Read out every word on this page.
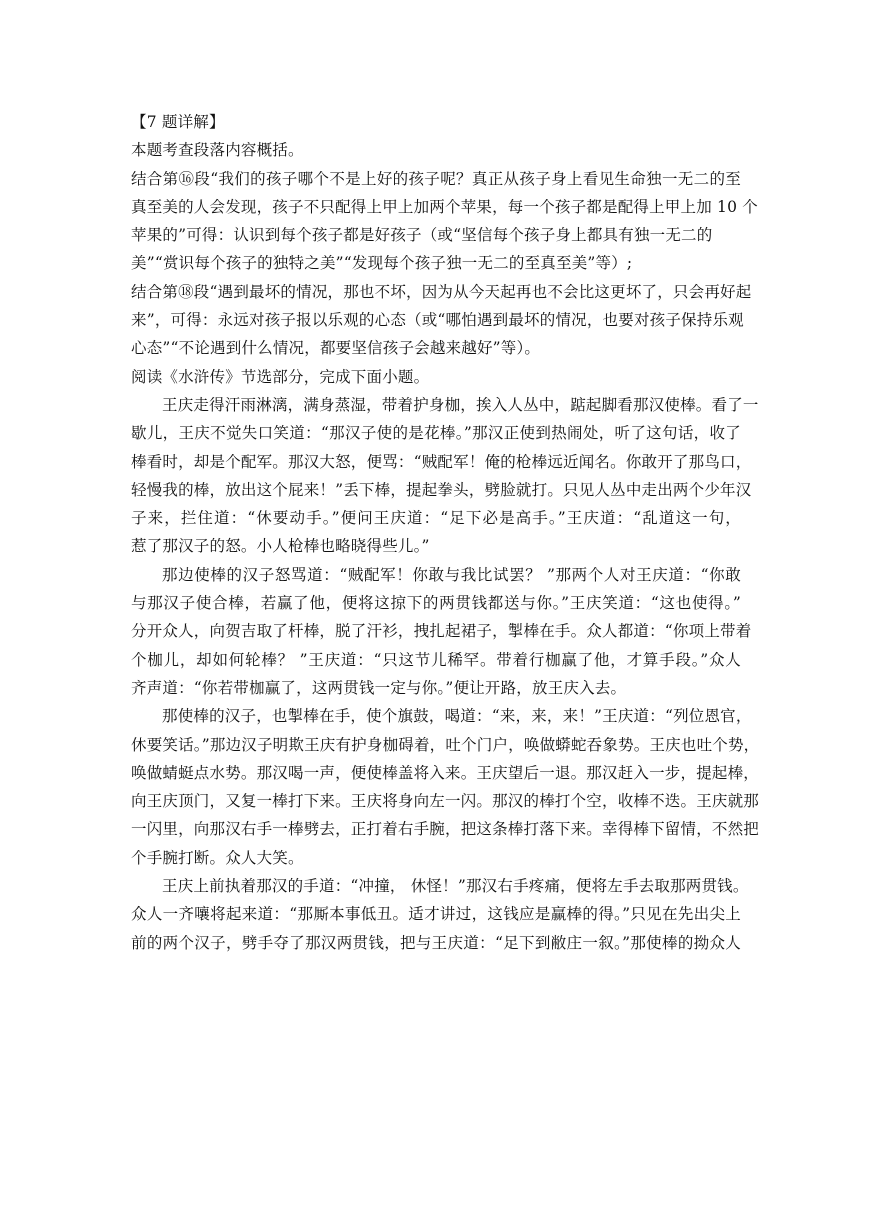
【7 题详解】
本题考查段落内容概括。
结合第⑯段“我们的孩子哪个不是上好的孩子呢？真正从孩子身上看见生命独一无二的至
真至美的人会发现，孩子不只配得上甲上加两个苹果，每一个孩子都是配得上甲上加 10 个
苹果的”可得：认识到每个孩子都是好孩子（或“坚信每个孩子身上都具有独一无二的
美”“赏识每个孩子的独特之美”“发现每个孩子独一无二的至真至美”等）;
结合第⑱段“遇到最坏的情况，那也不坏，因为从今天起再也不会比这更坏了，只会再好起
来”，可得：永远对孩子报以乐观的心态（或“哪怕遇到最坏的情况，也要对孩子保持乐观
心态”“不论遇到什么情况，都要坚信孩子会越来越好”等）。
阅读《水浒传》节选部分，完成下面小题。
王庆走得汗雨淋漓，满身蒸湿，带着护身枷，挨入人丛中，踮起脚看那汉使棒。看了一
歇儿，王庆不觉失口笑道：“那汉子使的是花棒。”那汉正使到热闹处，听了这句话，收了
棒看时，却是个配军。那汉大怒，便骂：“贼配军！俺的枪棒远近闻名。你敢开了那鸟口，
轻慢我的棒，放出这个屁来！”丢下棒，提起拳头，劈脸就打。只见人丛中走出两个少年汉
子来，拦住道：“休要动手。”便问王庆道：“足下必是高手。”王庆道：“乱道这一句，
惹了那汉子的怒。小人枪棒也略晓得些儿。”
那边使棒的汉子怒骂道：“贼配军！你敢与我比试罢？ ”那两个人对王庆道：“你敢
与那汉子使合棒，若赢了他，便将这掠下的两贯钱都送与你。”王庆笑道：“这也使得。”
分开众人，向贺吉取了杆棒，脱了汗衫，拽扎起裙子，掣棒在手。众人都道：“你项上带着
个枷儿，却如何轮棒？ ”王庆道：“只这节儿稀罕。带着行枷赢了他，才算手段。”众人
齐声道：“你若带枷赢了，这两贯钱一定与你。”便让开路，放王庆入去。
那使棒的汉子，也掣棒在手，使个旗鼓，喝道：“来，来，来！”王庆道：“列位恩官，
休要笑话。”那边汉子明欺王庆有护身枷碍着，吐个门户，唤做蟒蛇吞象势。王庆也吐个势，
唤做蜻蜓点水势。那汉喝一声，便使棒盖将入来。王庆望后一退。那汉赶入一步，提起棒，
向王庆顶门，又复一棒打下来。王庆将身向左一闪。那汉的棒打个空，收棒不迭。王庆就那
一闪里，向那汉右手一棒劈去，正打着右手腕，把这条棒打落下来。幸得棒下留情，不然把
个手腕打断。众人大笑。
王庆上前执着那汉的手道：“冲撞， 休怪！”那汉右手疼痛，便将左手去取那两贯钱。
众人一齐嚷将起来道：“那厮本事低丑。适才讲过，这钱应是赢棒的得。”只见在先出尖上
前的两个汉子，劈手夺了那汉两贯钱，把与王庆道：“足下到敝庄一叙。”那使棒的拗众人
